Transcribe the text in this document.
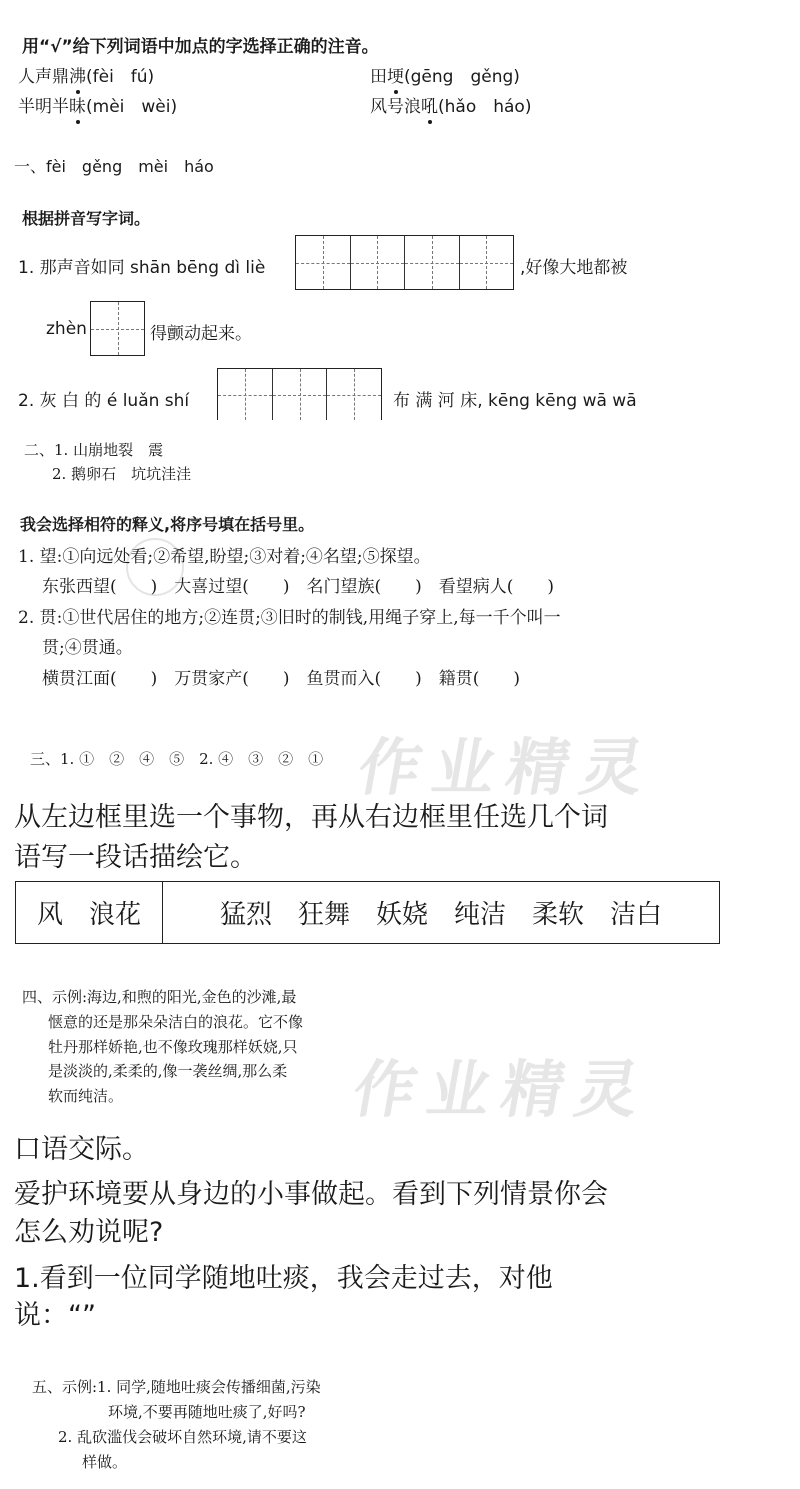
用“√”给下列词语中加点的字选择正确的注音。
人声鼎沸(fèi　fú)	田埂(gēng　gěng)
半明半昧(mèi　wèi)	风号浪吼(hǎo　háo)
一、fèi　gěng　mèi　háo
根据拼音写字词。
1. 那声音如同 shān bēng dì liè	,好像大地都被
zhèn	得颤动起来。
2. 灰 白 的 é luǎn shí	布 满 河 床, kēng kēng wā wā
二、1. 山崩地裂　震
2. 鹅卵石　坑坑洼洼
我会选择相符的释义,将序号填在括号里。
1. 望:①向远处看;②希望,盼望;③对着;④名望;⑤探望。
东张西望(　　)　大喜过望(　　)　名门望族(　　)　看望病人(　　)
2. 贯:①世代居住的地方;②连贯;③旧时的制钱,用绳子穿上,每一千个叫一
贯;④贯通。
横贯江面(　　)　万贯家产(　　)　鱼贯而入(　　)　籍贯(　　)
作业精灵
三、1. ①　②　④　⑤　2. ④　③　②　①
从左边框里选一个事物，再从右边框里任选几个词
语写一段话描绘它。
风　浪花	猛烈　狂舞　妖娆　纯洁　柔软　洁白
四、示例:海边,和煦的阳光,金色的沙滩,最
惬意的还是那朵朵洁白的浪花。它不像
牡丹那样娇艳,也不像玫瑰那样妖娆,只
是淡淡的,柔柔的,像一袭丝绸,那么柔
软而纯洁。	作业精灵
口语交际。
爱护环境要从身边的小事做起。看到下列情景你会
怎么劝说呢?
1.看到一位同学随地吐痰，我会走过去，对他
说：“”
五、示例:1. 同学,随地吐痰会传播细菌,污染
环境,不要再随地吐痰了,好吗?
2. 乱砍滥伐会破坏自然环境,请不要这
样做。
